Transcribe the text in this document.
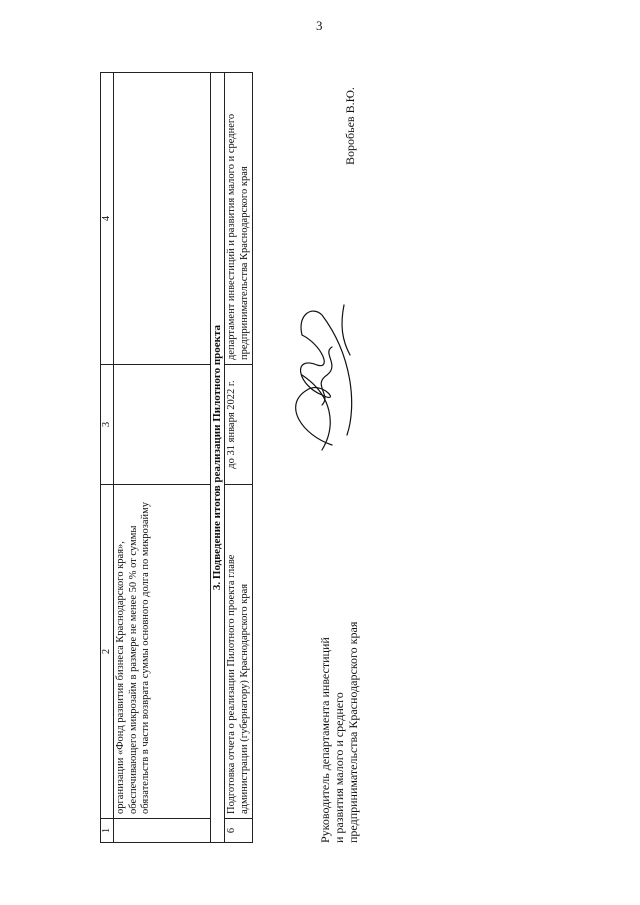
3
1	2	3	4
	организации «Фонд развития бизнеса Краснодарского края», обеспечивающего микрозайм в размере не менее 50 % от суммы обязательств в части возврата суммы основного долга по микрозайму		
3. Подведение итогов реализации Пилотного проекта			
6	Подготовка отчета о реализации Пилотного проекта главе администрации (губернатору) Краснодарского края	до 31 января 2022 г.	департамент инвестиций и развития малого и среднего предпринимательства Краснодарского края
Руководитель департамента инвестиций и развития малого и среднего предпринимательства Краснодарского края
Воробьев В.Ю.
